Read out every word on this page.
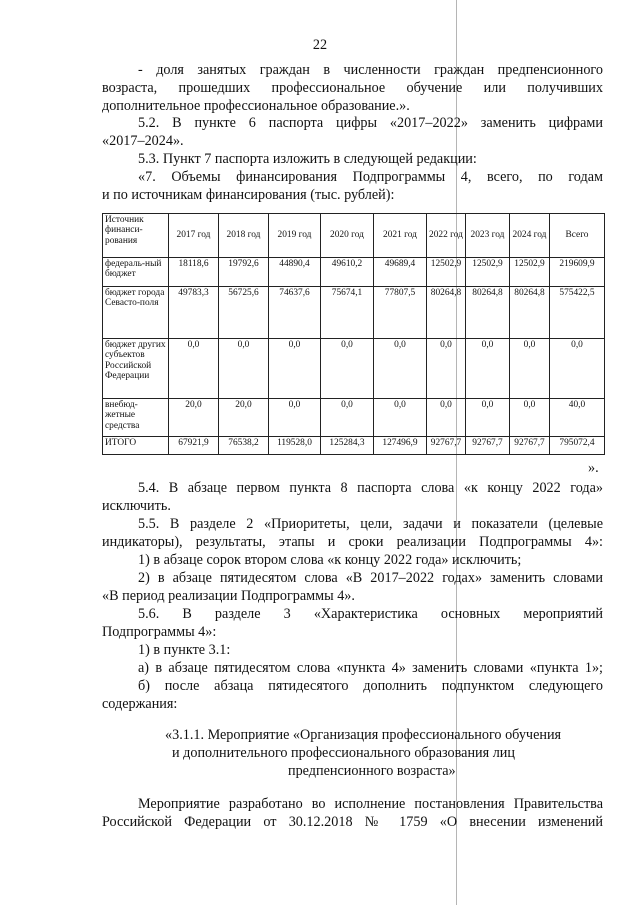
22
- доля занятых граждан в численности граждан предпенсионного
возраста, прошедших профессиональное обучение или получивших
дополнительное профессиональное образование.».
5.2. В пункте 6 паспорта цифры «2017–2022» заменить цифрами
«2017–2024».
5.3. Пункт 7 паспорта изложить в следующей редакции:
«7. Объемы финансирования Подпрограммы 4, всего, по годам
и по источникам финансирования (тыс. рублей):
Источник финанси-рования	2017 год	2018 год	2019 год	2020 год	2021 год	2022 год	2023 год	2024 год	Всего
федераль-ный бюджет	18118,6	19792,6	44890,4	49610,2	49689,4	12502,9	12502,9	12502,9	219609,9
бюджет города Севасто-поля	49783,3	56725,6	74637,6	75674,1	77807,5	80264,8	80264,8	80264,8	575422,5
бюджет других субъектов Российской Федерации	0,0	0,0	0,0	0,0	0,0	0,0	0,0	0,0	0,0
внебюд-жетные средства	20,0	20,0	0,0	0,0	0,0	0,0	0,0	0,0	40,0
ИТОГО	67921,9	76538,2	119528,0	125284,3	127496,9	92767,7	92767,7	92767,7	795072,4
».
5.4. В абзаце первом пункта 8 паспорта слова «к концу 2022 года»
исключить.
5.5. В разделе 2 «Приоритеты, цели, задачи и показатели (целевые
индикаторы), результаты, этапы и сроки реализации Подпрограммы 4»:
1) в абзаце сорок втором слова «к концу 2022 года» исключить;
2) в абзаце пятидесятом слова «В 2017–2022 годах» заменить словами
«В период реализации Подпрограммы 4».
5.6. В разделе 3 «Характеристика основных мероприятий
Подпрограммы 4»:
1) в пункте 3.1:
а) в абзаце пятидесятом слова «пункта 4» заменить словами «пункта 1»;
б) после абзаца пятидесятого дополнить подпунктом следующего
содержания:
«3.1.1. Мероприятие «Организация профессионального обучения
и дополнительного профессионального образования лиц
предпенсионного возраста»
Мероприятие разработано во исполнение постановления Правительства
Российской Федерации от 30.12.2018 № 1759 «О внесении изменений
